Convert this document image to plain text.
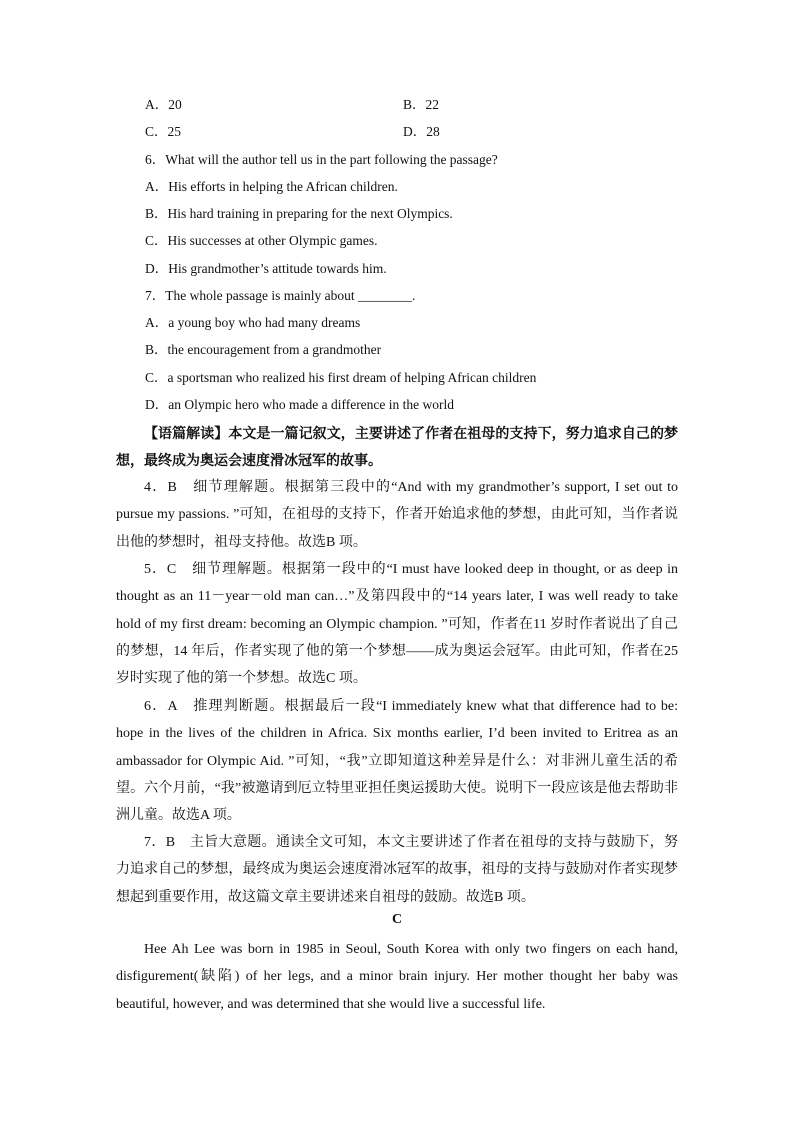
A．20	B．22
C．25	D．28
6．What will the author tell us in the part following the passage?
A．His efforts in helping the African children.
B．His hard training in preparing for the next Olympics.
C．His successes at other Olympic games.
D．His grandmother’s attitude towards him.
7．The whole passage is mainly about ________.
A．a young boy who had many dreams
B．the encouragement from a grandmother
C．a sportsman who realized his first dream of helping African children
D．an Olympic hero who made a difference in the world
【语篇解读】本文是一篇记叙文，主要讲述了作者在祖母的支持下，努力追求自己的梦想，最终成为奥运会速度滑冰冠军的故事。
4．B　细节理解题。根据第三段中的“And with my grandmother’s support, I set out to pursue my passions. ”可知，在祖母的支持下，作者开始追求他的梦想，由此可知，当作者说出他的梦想时，祖母支持他。故选B 项。
5．C　细节理解题。根据第一段中的“I must have looked deep in thought, or as deep in thought as an 11－year－old man can…”及第四段中的“14 years later, I was well ready to take hold of my first dream: becoming an Olympic champion. ”可知，作者在11 岁时作者说出了自己的梦想，14 年后，作者实现了他的第一个梦想——成为奥运会冠军。由此可知，作者在25 岁时实现了他的第一个梦想。故选C 项。
6．A　推理判断题。根据最后一段“I immediately knew what that difference had to be: hope in the lives of the children in Africa. Six months earlier, I’d been invited to Eritrea as an ambassador for Olympic Aid. ”可知，“我”立即知道这种差异是什么：对非洲儿童生活的希望。六个月前，“我”被邀请到厄立特里亚担任奥运援助大使。说明下一段应该是他去帮助非洲儿童。故选A 项。
7．B　主旨大意题。通读全文可知，本文主要讲述了作者在祖母的支持与鼓励下，努力追求自己的梦想，最终成为奥运会速度滑冰冠军的故事，祖母的支持与鼓励对作者实现梦想起到重要作用，故这篇文章主要讲述来自祖母的鼓励。故选B 项。
C
Hee Ah Lee was born in 1985 in Seoul, South Korea with only two fingers on each hand, disfigurement(缺陷) of her legs, and a minor brain injury. Her mother thought her baby was beautiful, however, and was determined that she would live a successful life.
